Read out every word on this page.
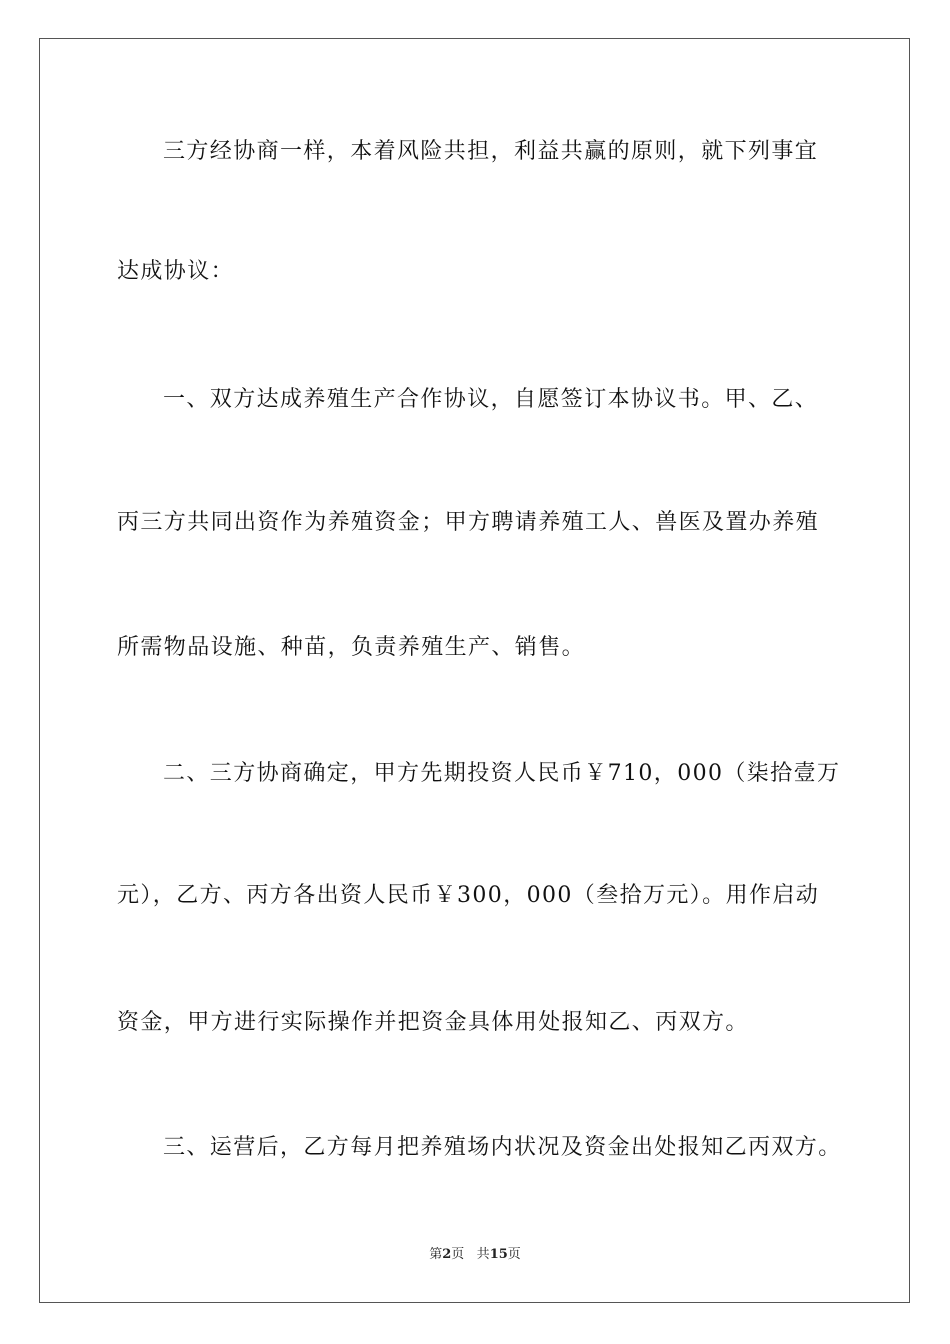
三方经协商一样，本着风险共担，利益共赢的原则，就下列事宜
达成协议：
一、双方达成养殖生产合作协议，自愿签订本协议书。甲、乙、
丙三方共同出资作为养殖资金；甲方聘请养殖工人、兽医及置办养殖
所需物品设施、种苗，负责养殖生产、销售。
二、三方协商确定，甲方先期投资人民币￥710，000（柒拾壹万
元），乙方、丙方各出资人民币￥300，000（叁拾万元）。用作启动
资金，甲方进行实际操作并把资金具体用处报知乙、丙双方。
三、运营后，乙方每月把养殖场内状况及资金出处报知乙丙双方。
第2页 共15页
